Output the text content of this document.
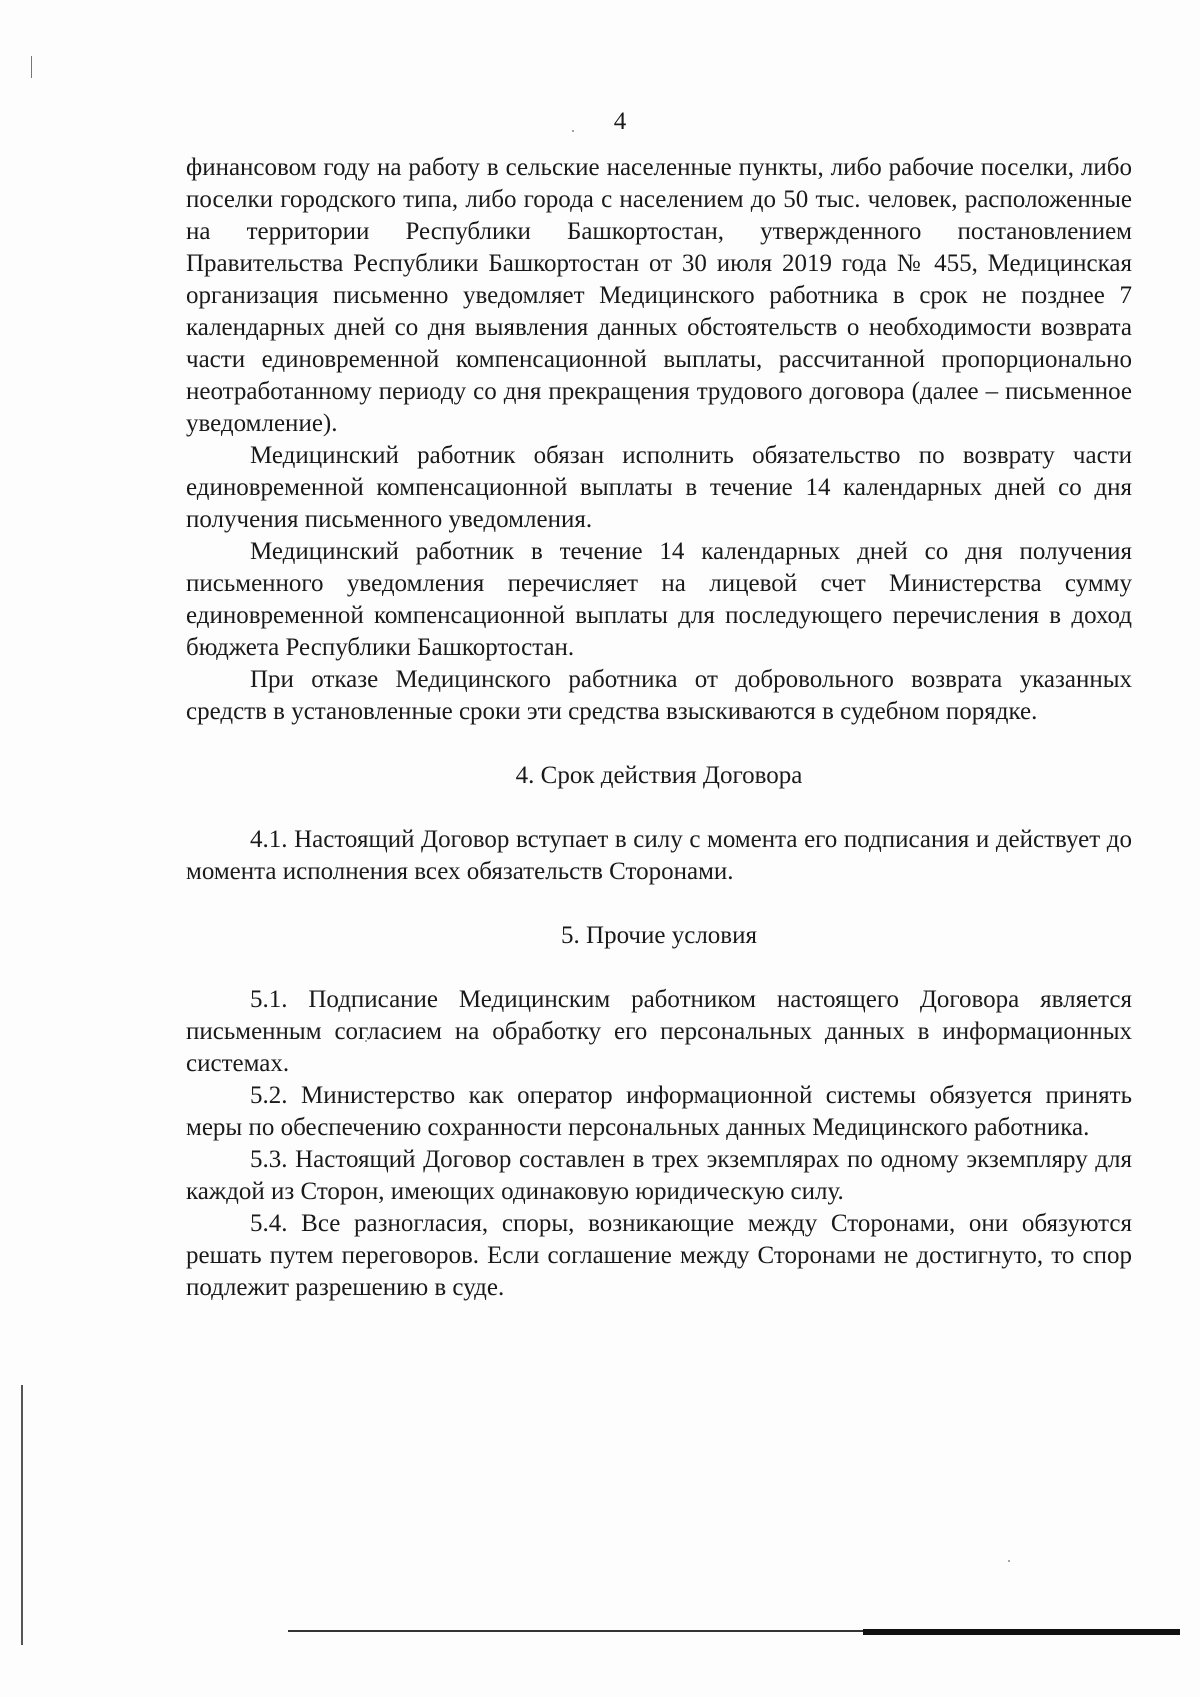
4

финансовом году на работу в сельские населенные пункты, либо рабочие поселки, либо поселки городского типа, либо города с населением до 50 тыс. человек, расположенные на территории Республики Башкортостан, утвержденного постановлением Правительства Республики Башкортостан от 30 июля 2019 года № 455, Медицинская организация письменно уведомляет Медицинского работника в срок не позднее 7 календарных дней со дня выявления данных обстоятельств о необходимости возврата части единовременной компенсационной выплаты, рассчитанной пропорционально неотработанному периоду со дня прекращения трудового договора (далее – письменное уведомление).

Медицинский работник обязан исполнить обязательство по возврату части единовременной компенсационной выплаты в течение 14 календарных дней со дня получения письменного уведомления.

Медицинский работник в течение 14 календарных дней со дня получения письменного уведомления перечисляет на лицевой счет Министерства сумму единовременной компенсационной выплаты для последующего перечисления в доход бюджета Республики Башкортостан.

При отказе Медицинского работника от добровольного возврата указанных средств в установленные сроки эти средства взыскиваются в судебном порядке.

4. Срок действия Договора

4.1. Настоящий Договор вступает в силу с момента его подписания и действует до момента исполнения всех обязательств Сторонами.

5. Прочие условия

5.1. Подписание Медицинским работником настоящего Договора является письменным согласием на обработку его персональных данных в информационных системах.

5.2. Министерство как оператор информационной системы обязуется принять меры по обеспечению сохранности персональных данных Медицинского работника.

5.3. Настоящий Договор составлен в трех экземплярах по одному экземпляру для каждой из Сторон, имеющих одинаковую юридическую силу.

5.4. Все разногласия, споры, возникающие между Сторонами, они обязуются решать путем переговоров. Если соглашение между Сторонами не достигнуто, то спор подлежит разрешению в суде.
